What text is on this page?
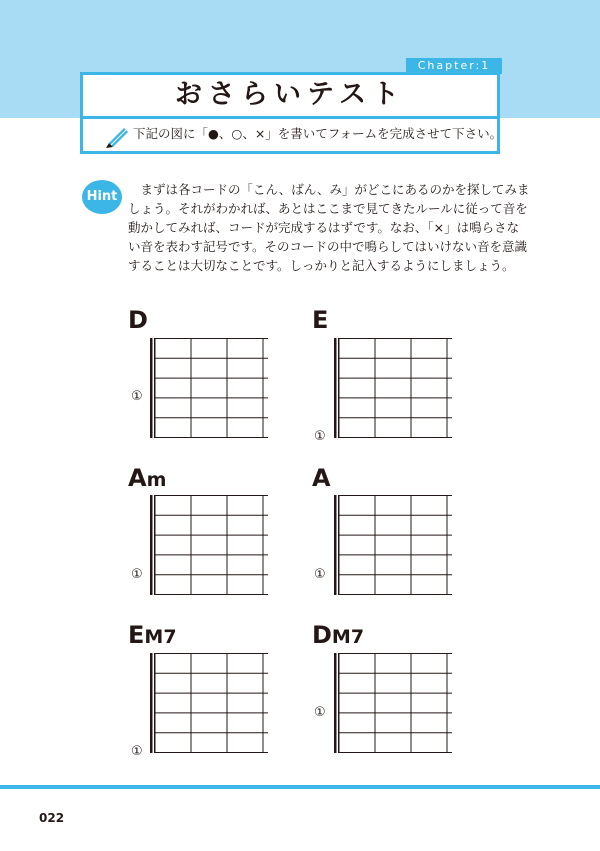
Chapter:1
おさらいテスト
下記の図に「●、○、×」を書いてフォームを完成させて下さい。
Hint 　まずは各コードの「こん、ばん、み」がどこにあるのかを探してみま

しょう。それがわかれば、あとはここまで見てきたルールに従って音を

動かしてみれば、コードが完成するはずです。なお、「×」は鳴らさな

い音を表わす記号です。そのコードの中で鳴らしてはいけない音を意識

することは大切なことです。しっかりと記入するようにしましょう。

D
①
E
①
Am
①
A
①
EM7
①
DM7
①
022
